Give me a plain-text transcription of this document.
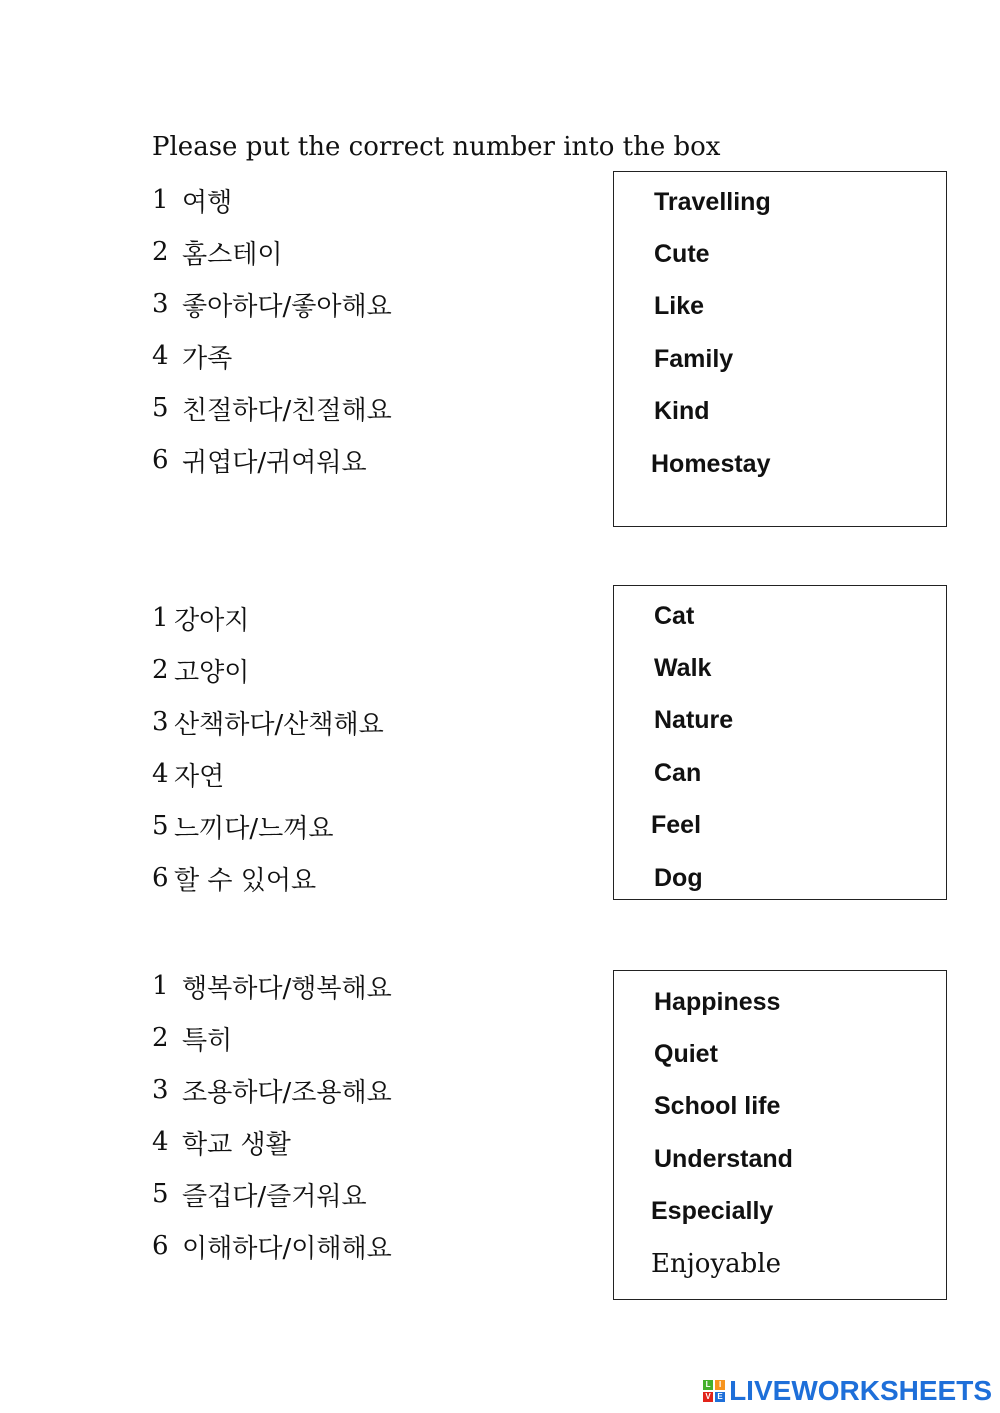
Please put the correct number into the box
1 여행
2 홈스테이
3 좋아하다/좋아해요
4 가족
5 친절하다/친절해요
6 귀엽다/귀여워요
Travelling
Cute
Like
Family
Kind
Homestay
1 강아지
2 고양이
3 산책하다/산책해요
4 자연
5 느끼다/느껴요
6 할 수 있어요
Cat
Walk
Nature
Can
Feel
Dog
1 행복하다/행복해요
2 특히
3 조용하다/조용해요
4 학교 생활
5 즐겁다/즐거워요
6 이해하다/이해해요
Happiness
Quiet
School life
Understand
Especially
Enjoyable
L	I
V E LIVEWORKSHEETS
